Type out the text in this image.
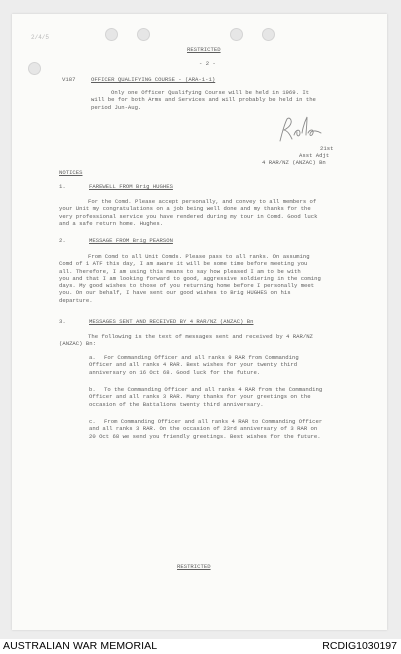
2/4/5
RESTRICTED
- 2 -
V187	OFFICER QUALIFYING COURSE - (ARA-1-1)
Only one Officer Qualifying Course will be held in 1969. It
will be for both Arms and Services and will probably be held in the
period Jun-Aug.
21st
Asst Adjt
4 RAR/NZ (ANZAC) Bn
NOTICES
1.	FAREWELL FROM Brig HUGHES
For the Comd. Please accept personally, and convey to all members of
your Unit my congratulations on a job being well done and my thanks for the
very professional service you have rendered during my tour in Comd. Good luck
and a safe return home. Hughes.
2.	MESSAGE FROM Brig PEARSON
From Comd to all Unit Comds. Please pass to all ranks. On assuming
Comd of 1 ATF this day, I am aware it will be some time before meeting you
all. Therefore, I am using this means to say how pleased I am to be with
you and that I am looking forward to good, aggressive soldiering in the coming
days. My good wishes to those of you returning home before I personally meet
you. On our behalf, I have sent our good wishes to Brig HUGHES on his
departure.
3.	MESSAGES SENT AND RECEIVED BY 4 RAR/NZ (ANZAC) Bn
The following is the text of messages sent and received by 4 RAR/NZ
(ANZAC) Bn:
a.	For Commanding Officer and all ranks 9 RAR from Commanding
Officer and all ranks 4 RAR. Best wishes for your twenty third
anniversary on 16 Oct 68. Good luck for the future.
b.	To the Commanding Officer and all ranks 4 RAR from the Commanding
Officer and all ranks 3 RAR. Many thanks for your greetings on the
occasion of the Battalions twenty third anniversary.
c.	From Commanding Officer and all ranks 4 RAR to Commanding Officer
and all ranks 3 RAR. On the occasion of 23rd anniversary of 3 RAR on
20 Oct 68 we send you friendly greetings. Best wishes for the future.
RESTRICTED
AUSTRALIAN WAR MEMORIAL	RCDIG1030197
